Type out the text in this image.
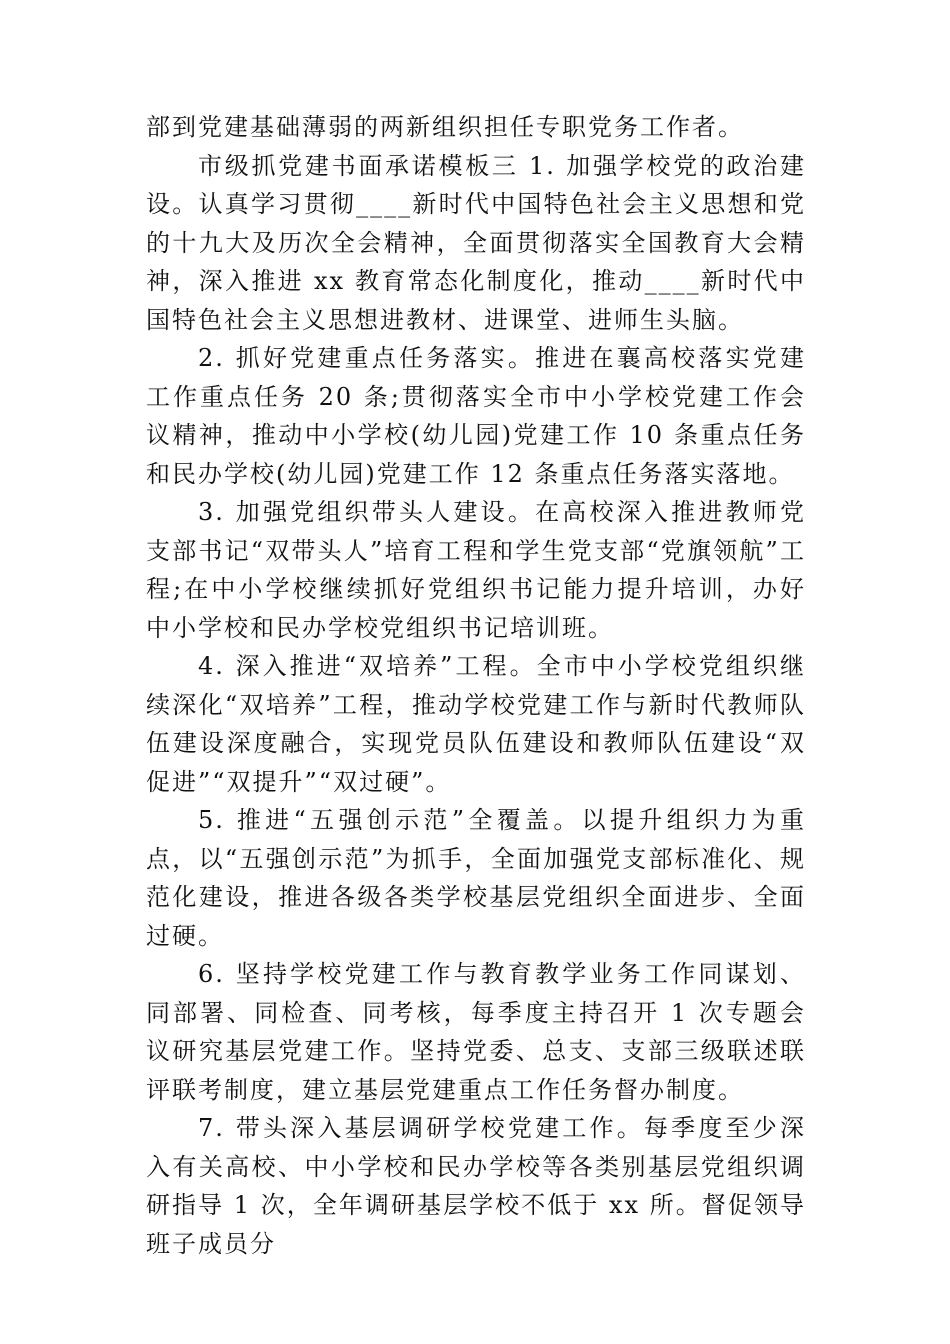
部到党建基础薄弱的两新组织担任专职党务工作者。

市级抓党建书面承诺模板三 1. 加强学校党的政治建设。认真学习贯彻____新时代中国特色社会主义思想和党的十九大及历次全会精神，全面贯彻落实全国教育大会精神，深入推进 xx 教育常态化制度化，推动____新时代中国特色社会主义思想进教材、进课堂、进师生头脑。

2. 抓好党建重点任务落实。推进在襄高校落实党建工作重点任务 20 条;贯彻落实全市中小学校党建工作会议精神，推动中小学校(幼儿园)党建工作 10 条重点任务和民办学校(幼儿园)党建工作 12 条重点任务落实落地。

3. 加强党组织带头人建设。在高校深入推进教师党支部书记“双带头人”培育工程和学生党支部“党旗领航”工程;在中小学校继续抓好党组织书记能力提升培训，办好中小学校和民办学校党组织书记培训班。

4. 深入推进“双培养”工程。全市中小学校党组织继续深化“双培养”工程，推动学校党建工作与新时代教师队伍建设深度融合，实现党员队伍建设和教师队伍建设“双促进”“双提升”“双过硬”。

5. 推进“五强创示范”全覆盖。以提升组织力为重点，以“五强创示范”为抓手，全面加强党支部标准化、规范化建设，推进各级各类学校基层党组织全面进步、全面过硬。

6. 坚持学校党建工作与教育教学业务工作同谋划、同部署、同检查、同考核，每季度主持召开 1 次专题会议研究基层党建工作。坚持党委、总支、支部三级联述联评联考制度，建立基层党建重点工作任务督办制度。

7. 带头深入基层调研学校党建工作。每季度至少深入有关高校、中小学校和民办学校等各类别基层党组织调研指导 1 次，全年调研基层学校不低于 xx 所。督促领导班子成员分
